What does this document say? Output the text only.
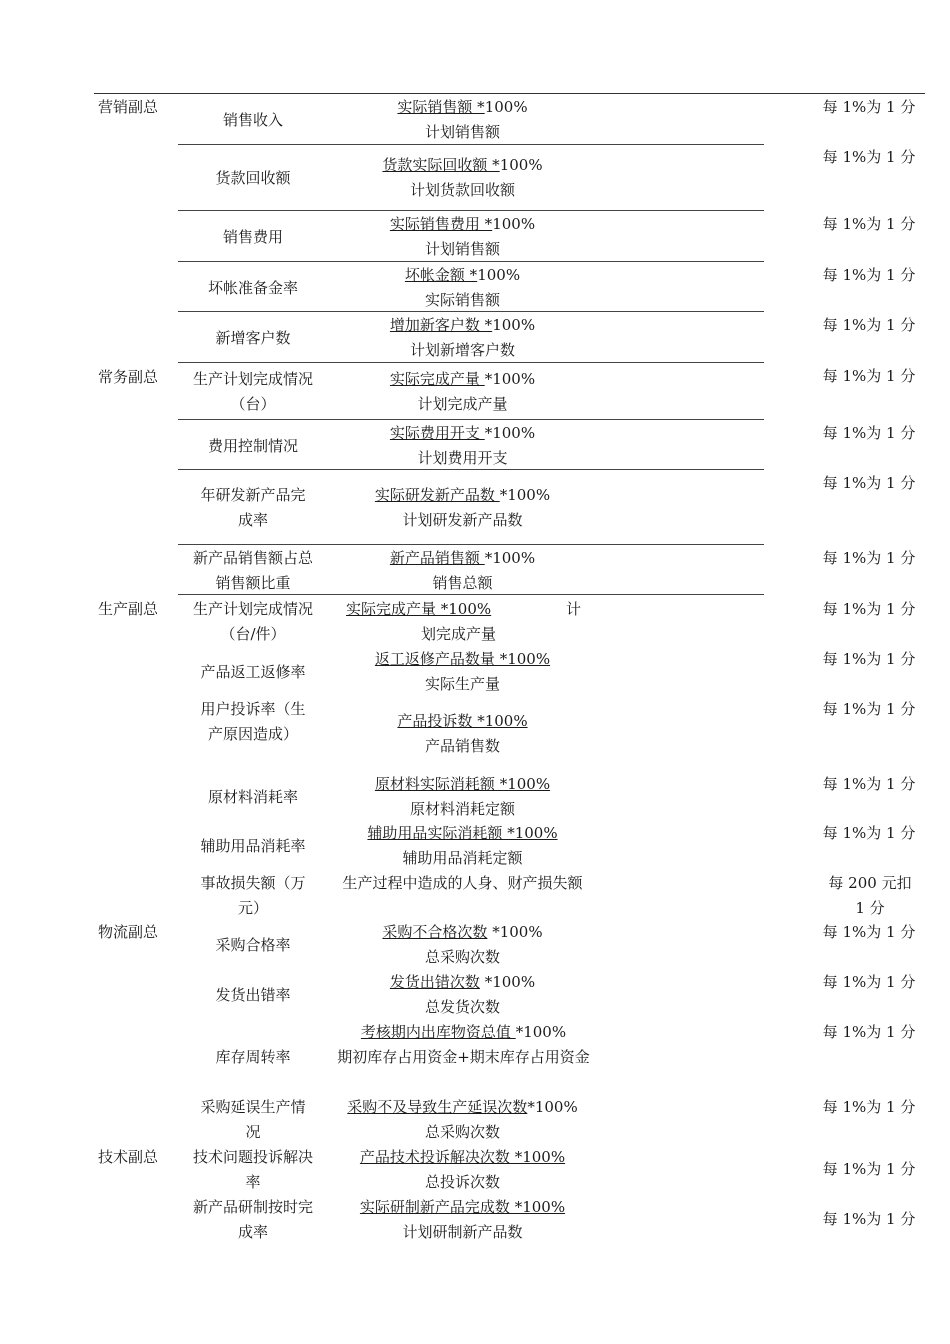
营销副总
常务副总
生产副总
物流副总
技术副总
销售收入
实际销售额 *100%
计划销售额
每 1%为 1 分
货款回收额
货款实际回收额 *100%
计划货款回收额
每 1%为 1 分
销售费用
实际销售费用 *100%
计划销售额
每 1%为 1 分
坏帐准备金率
坏帐金额 *100%
实际销售额
每 1%为 1 分
新增客户数
增加新客户数 *100%
计划新增客户数
每 1%为 1 分
生产计划完成情况（台）
实际完成产量 *100%
计划完成产量
每 1%为 1 分
费用控制情况
实际费用开支 *100%
计划费用开支
每 1%为 1 分
年研发新产品完成率
实际研发新产品数 *100%
计划研发新产品数
每 1%为 1 分
新产品销售额占总销售额比重
新产品销售额 *100%
销售总额
每 1%为 1 分
生产计划完成情况（台/件）
实际完成产量 *100%	计
划完成产量
每 1%为 1 分
产品返工返修率
返工返修产品数量 *100%
实际生产量
每 1%为 1 分
用户投诉率（生产原因造成）
产品投诉数 *100%
产品销售数
每 1%为 1 分
原材料消耗率
原材料实际消耗额 *100%
原材料消耗定额
每 1%为 1 分
辅助用品消耗率
辅助用品实际消耗额 *100%
辅助用品消耗定额
每 1%为 1 分
事故损失额（万元）
生产过程中造成的人身、财产损失额	每 200 元扣 1 分
采购合格率
采购不合格次数 *100%
总采购次数
每 1%为 1 分
发货出错率
发货出错次数 *100%
总发货次数
每 1%为 1 分
库存周转率
考核期内出库物资总值 *100%
期初库存占用资金+期末库存占用资金
每 1%为 1 分
采购延误生产情况
采购不及导致生产延误次数*100%
总采购次数
每 1%为 1 分
技术问题投诉解决率
产品技术投诉解决次数 *100%
总投诉次数
每 1%为 1 分
新产品研制按时完成率
实际研制新产品完成数 *100%
计划研制新产品数
每 1%为 1 分
